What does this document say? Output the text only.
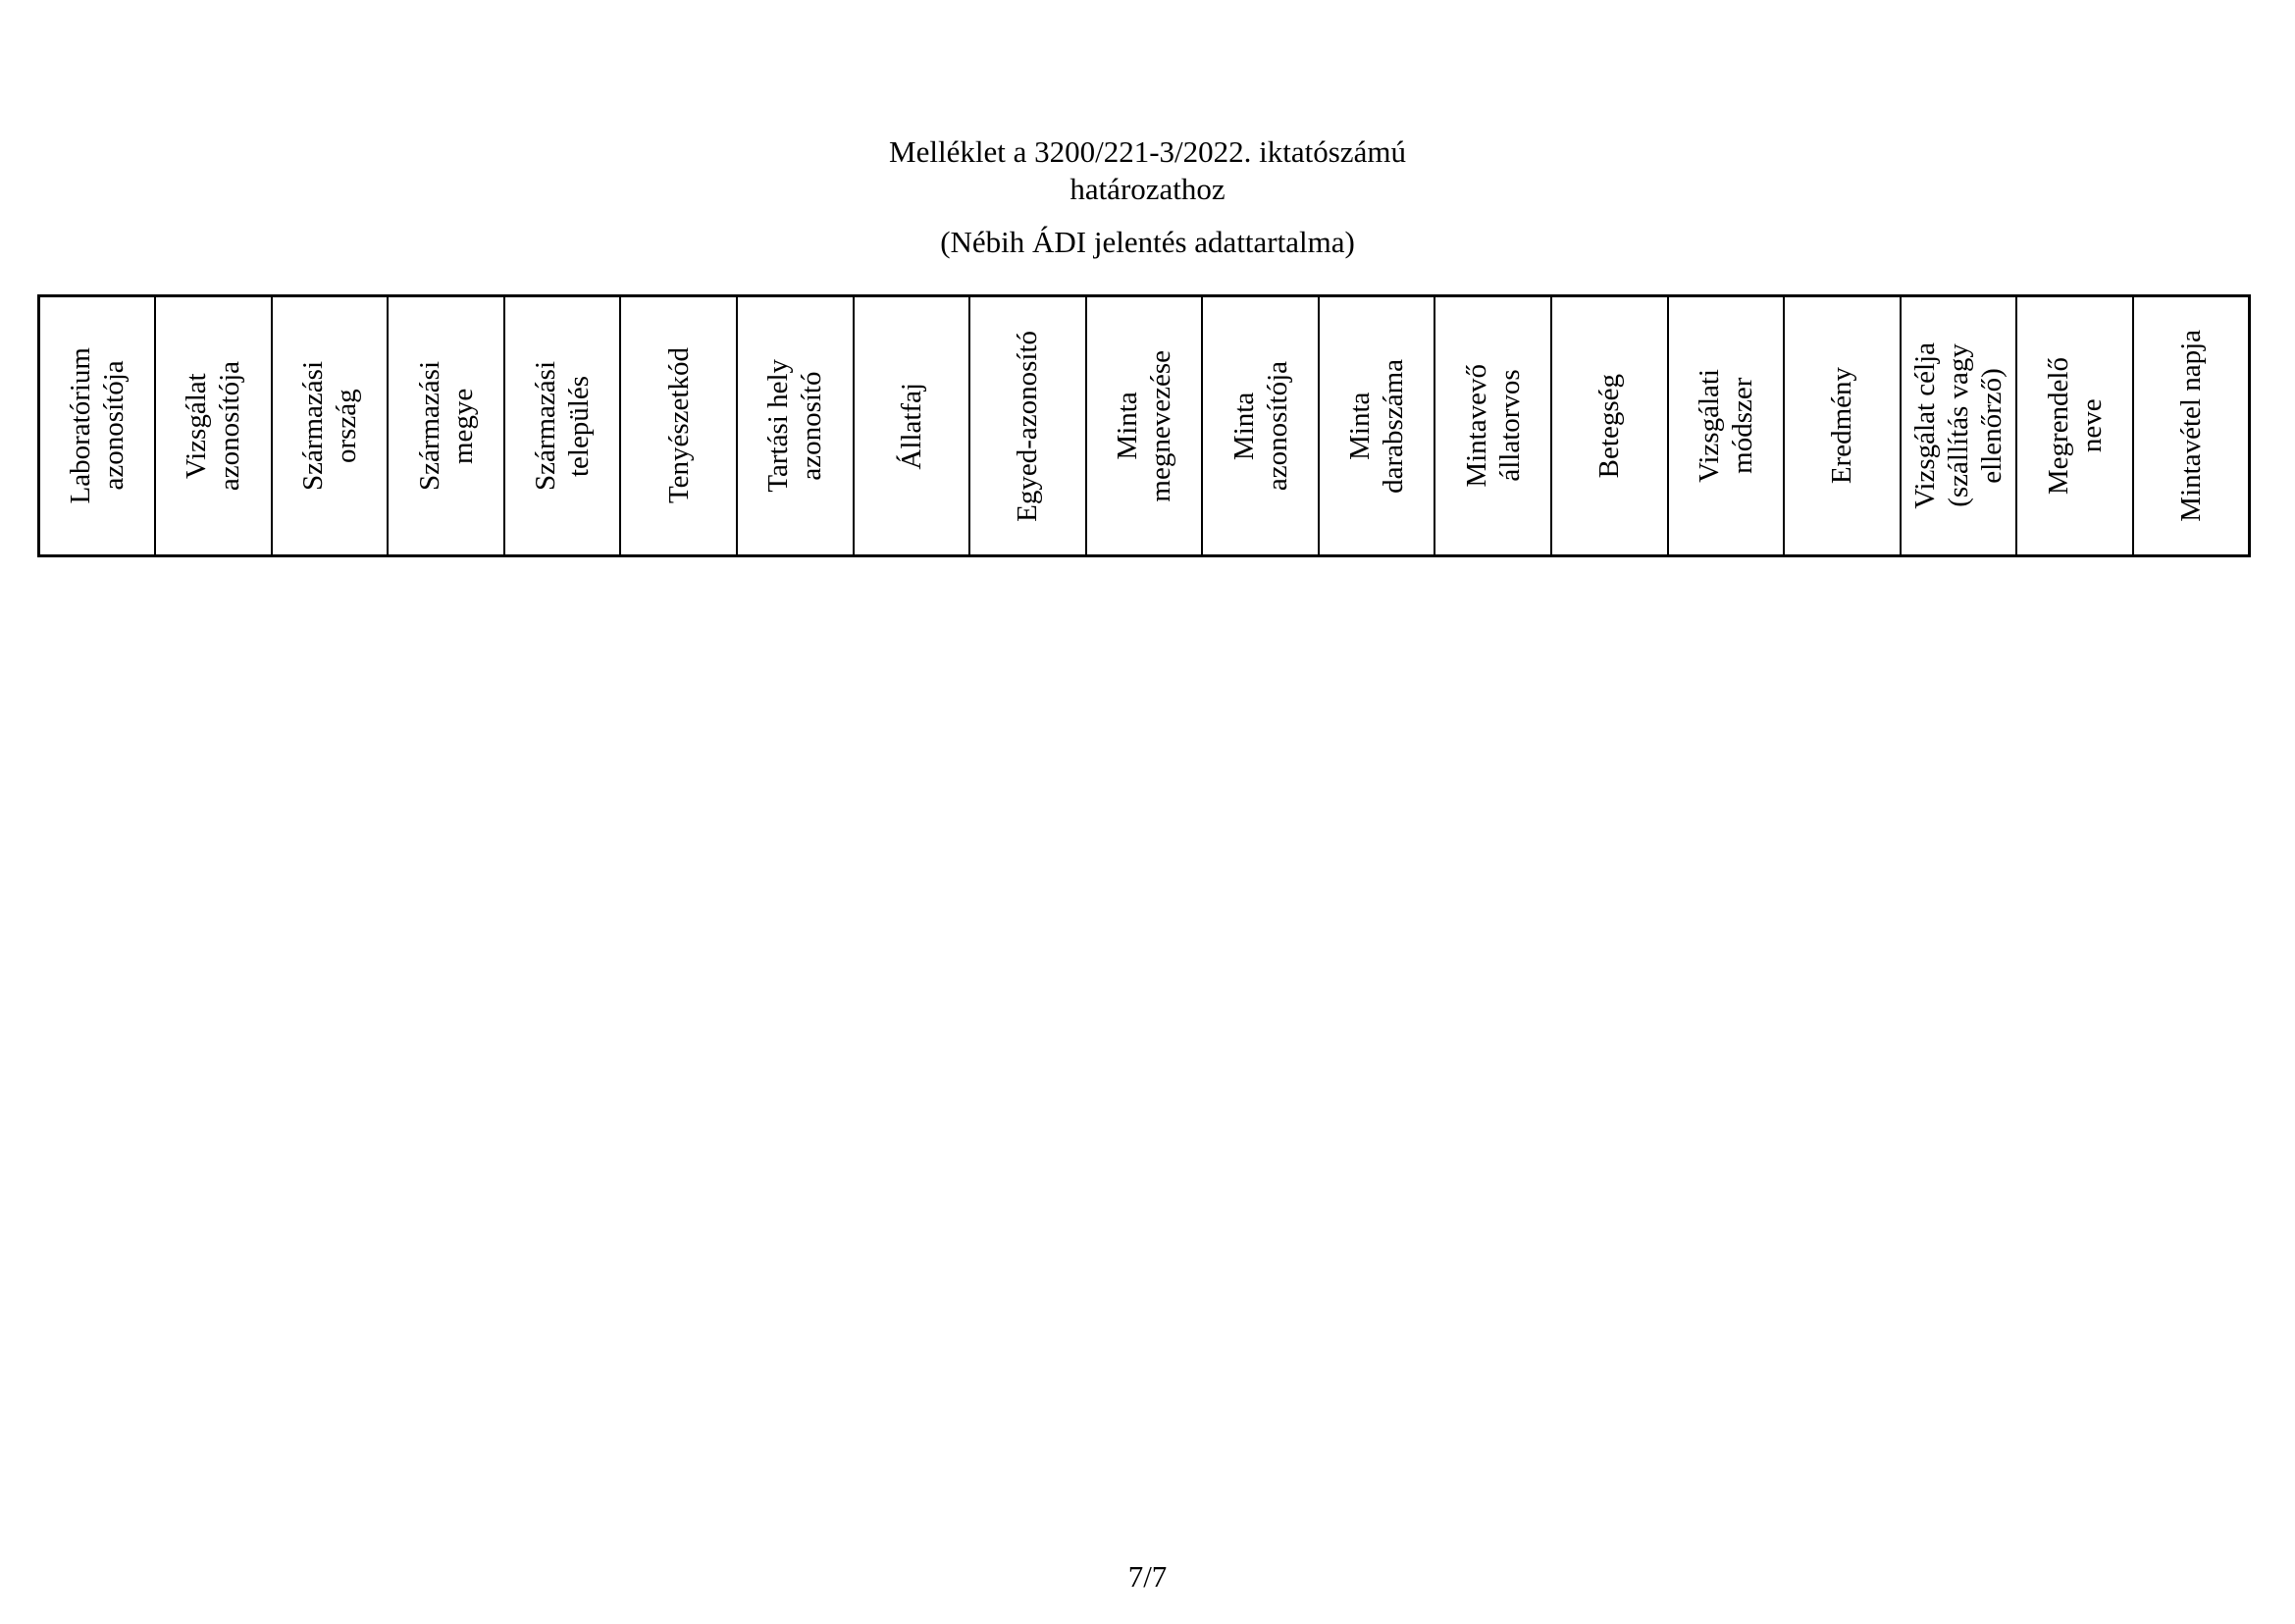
Melléklet a 3200/221-3/2022. iktatószámú
határozathoz
(Nébih ÁDI jelentés adattartalma)
Laboratórium
azonosítója	Vizsgálat
azonosítója	Származási
ország	Származási
megye	Származási
település	Tenyészetkód	Tartási hely
azonosító	Állatfaj	Egyed-azonosító	Minta
megnevezése	Minta
azonosítója	Minta
darabszáma	Mintavevő
állatorvos	Betegség	Vizsgálati
módszer	Eredmény	Vizsgálat célja
(szállítás vagy
ellenőrző)	Megrendelő
neve	Mintavétel napja
7/7
